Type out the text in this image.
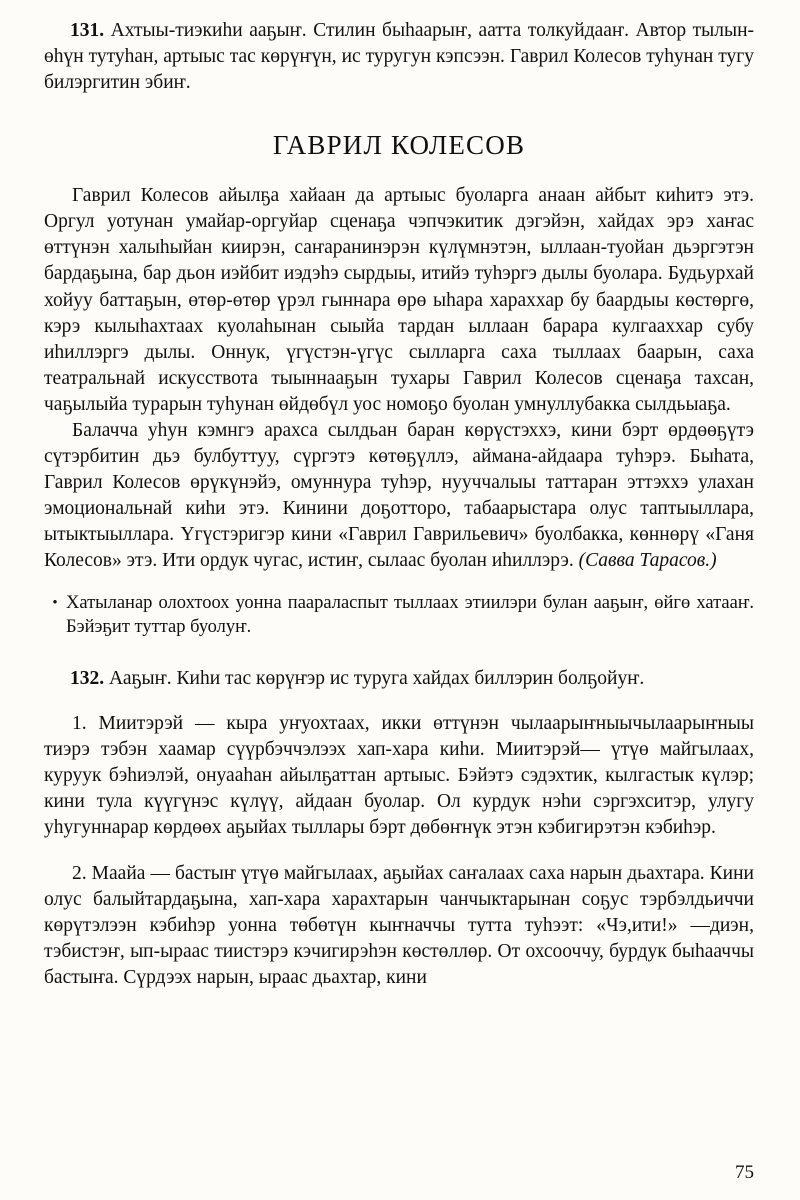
131. Ахтыы-тиэкиһи ааҕыҥ. Стилин быһаарыҥ, аатта толкуйдааҥ. Автор тылын-өһүн тутуһан, артыыс тас көрүҥүн, ис туругун кэпсээн. Гаврил Колесов туһунан тугу билэргитин эбиҥ.

ГАВРИЛ КОЛЕСОВ

Гаврил Колесов айылҕа хайаан да артыыс буоларга анаан айбыт киһитэ этэ. Оргул уотунан умайар-оргуйар сценаҕа чэпчэкитик дэгэйэн, хайдах эрэ хаҥас өттүнэн халыһыйан киирэн, саҥаранинэрэн күлүмнэтэн, ыллаан-туойан дьэргэтэн бардаҕына, бар дьон иэйбит иэдэһэ сырдыы, итийэ туһэргэ дылы буолара. Будьурхай хойуу баттаҕын, өтөр-өтөр үрэл гыннара өрө ыһара хараххар бу баардыы көстөргө, кэрэ кылыһахтаах куолаһынан сыыйа тардан ыллаан барара кулгааххар субу иһиллэргэ дылы. Оннук, үгүстэн-үгүс сылларга саха тыллаах баарын, саха театральнай искусствота тыыннааҕын тухары Гаврил Колесов сценаҕа тахсан, чаҕылыйа турарын туһунан өйдөбүл уос номоҕо буолан умнуллубакка сылдьыаҕа.

Балачча уһун кэмнгэ арахса сылдьан баран көрүстэххэ, кини бэрт өрдөөҕүтэ сүтэрбитин дьэ булбуттуу, сүргэтэ көтөҕүллэ, аймана-айдаара туһэрэ. Быһата, Гаврил Колесов өрүкүнэйэ, омуннура туһэр, нууччалыы таттаран эттэххэ улахан эмоциональнай киһи этэ. Кинини доҕотторо, табаарыстара олус таптыыллара, ытыктыыллара. Үгүстэригэр кини «Гаврил Гаврильевич» буолбакка, көннөрү «Ганя Колесов» этэ. Ити ордук чугас, истиҥ, сылаас буолан иһиллэрэ. (Савва Тарасов.)

• Хатыланар олохтоох уонна паараласпыт тыллаах этиилэри булан ааҕыҥ, өйгө хатааҥ. Бэйэҕит туттар буолуҥ.

132. Ааҕыҥ. Киһи тас көрүҥэр ис туруга хайдах биллэрин болҕойуҥ.

1. Миитэрэй — кыра уҥуохтаах, икки өттүнэн чылаарыҥныычылаарыҥныы тиэрэ тэбэн хаамар сүүрбэччэлээх хап-хара киһи. Миитэрэй— үтүө майгылаах, куруук бэһиэлэй, онуааһан айылҕаттан артыыс. Бэйэтэ сэдэхтик, кылгастык күлэр; кини тула күүгүнэс күлүү, айдаан буолар. Ол курдук нэһи сэргэхситэр, улугу уһугуннарар көрдөөх аҕыйах тыллары бэрт дөбөҥнүк этэн кэбигирэтэн кэбиһэр.

2. Маайа — бастыҥ үтүө майгылаах, аҕыйах саҥалаах саха нарын дьахтара. Кини олус балыйтардаҕына, хап-хара харахтарын чанчыктарынан соҕус тэрбэлдьиччи көрүтэлээн кэбиһэр уонна төбөтүн кыҥначчы тутта туһээт: «Чэ,ити!» —диэн, тэбистэҥ, ып-ыраас тиистэрэ кэчигирэһэн көстөллөр. От охсооччу, бурдук быһааччы бастыҥа. Сүрдээх нарын, ыраас дьахтар, кини

75
